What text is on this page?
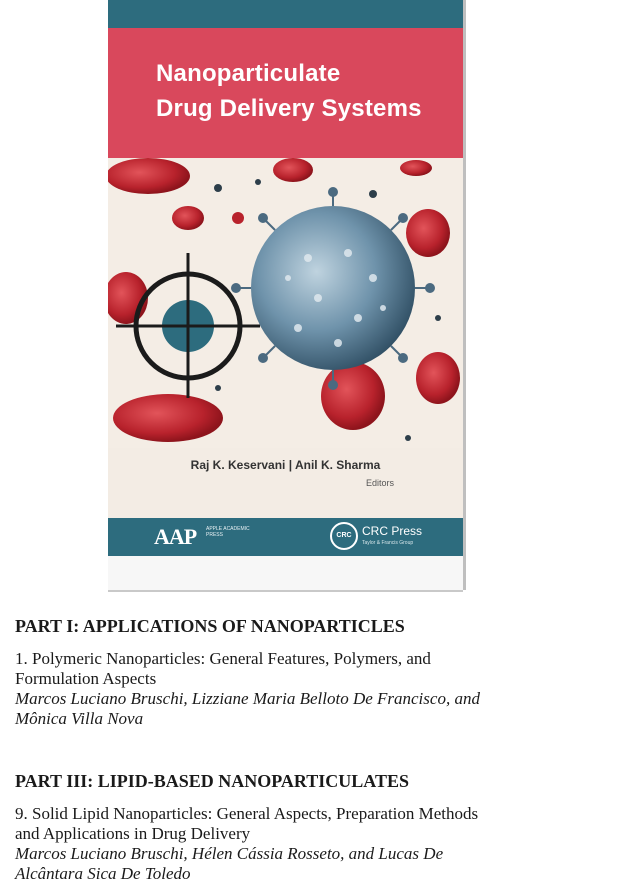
Nanoparticulate
Drug Delivery Systems
Raj K. Keservani | Anil K. Sharma
Editors
AAP APPLE ACADEMIC PRESS	CRC CRC Press
Taylor & Francis Group

PART I: APPLICATIONS OF NANOPARTICLES

1. Polymeric Nanoparticles: General Features, Polymers, and

Formulation Aspects

Marcos Luciano Bruschi, Lizziane Maria Belloto De Francisco, and

Mônica Villa Nova

PART III: LIPID-BASED NANOPARTICULATES

9. Solid Lipid Nanoparticles: General Aspects, Preparation Methods

and Applications in Drug Delivery

Marcos Luciano Bruschi, Hélen Cássia Rosseto, and Lucas De

Alcântara Sica De Toledo
